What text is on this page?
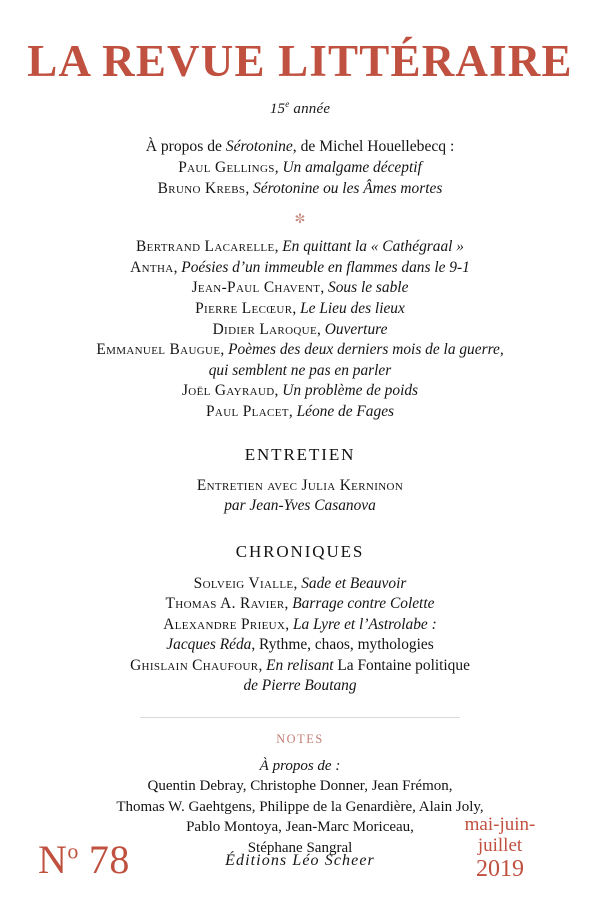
LA REVUE LITTÉRAIRE
15e année
À propos de Sérotonine, de Michel Houellebecq :
Paul Gellings, Un amalgame déceptif
Bruno Krebs, Sérotonine ou les Âmes mortes
✼
Bertrand Lacarelle, En quittant la « Cathégraal »
Antha, Poésies d’un immeuble en flammes dans le 9-1
Jean-Paul Chavent, Sous le sable
Pierre Lecœur, Le Lieu des lieux
Didier Laroque, Ouverture
Emmanuel Baugue, Poèmes des deux derniers mois de la guerre,
qui semblent ne pas en parler
Joël Gayraud, Un problème de poids
Paul Placet, Léone de Fages
ENTRETIEN
Entretien avec Julia Kerninon
par Jean-Yves Casanova
CHRONIQUES
Solveig Vialle, Sade et Beauvoir
Thomas A. Ravier, Barrage contre Colette
Alexandre Prieux, La Lyre et l’Astrolabe :
Jacques Réda, Rythme, chaos, mythologies
Ghislain Chaufour, En relisant La Fontaine politique
de Pierre Boutang
NOTES
À propos de :
Quentin Debray, Christophe Donner, Jean Frémon,
Thomas W. Gaehtgens, Philippe de la Genardière, Alain Joly,
Pablo Montoya, Jean-Marc Moriceau,
Stéphane Sangral
$N^o$ 78	Éditions Léo Scheer
mai-juin-
juillet
2019
